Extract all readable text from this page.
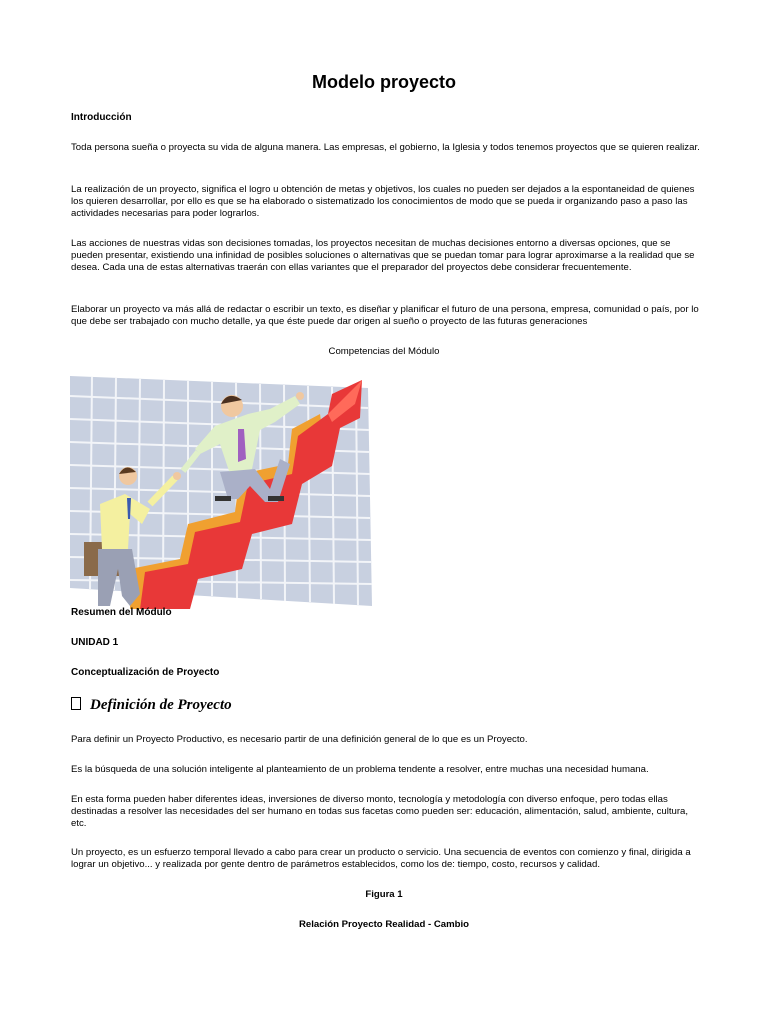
Modelo proyecto
Introducción

Toda persona sueña o proyecta su vida de alguna manera. Las empresas, el gobierno, la Iglesia y todos tenemos proyectos que se quieren realizar.

La realización de un proyecto, significa el logro u obtención de metas y objetivos, los cuales no pueden ser dejados a la espontaneidad de quienes los quieren desarrollar, por ello es que se ha elaborado o sistematizado los conocimientos de modo que se pueda ir organizando paso a paso las actividades necesarias para poder lograrlos.

Las acciones de nuestras vidas son decisiones tomadas, los proyectos necesitan de muchas decisiones entorno a diversas opciones, que se pueden presentar, existiendo una infinidad de posibles soluciones o alternativas que se puedan tomar para lograr aproximarse a la realidad que se desea. Cada una de estas alternativas traerán con ellas variantes que el preparador del proyectos debe considerar frecuentemente.

Elaborar un proyecto va más allá de redactar o escribir un texto, es diseñar y planificar el futuro de una persona, empresa, comunidad o país, por lo que debe ser trabajado con mucho detalle, ya que éste puede dar origen al sueño o proyecto de las futuras generaciones

Competencias del Módulo
Resumen del Módulo
UNIDAD 1
Conceptualización de Proyecto
Definición de Proyecto

Para definir un Proyecto Productivo, es necesario partir de una definición general de lo que es un Proyecto.

Es la búsqueda de una solución inteligente al planteamiento de un problema tendente a resolver, entre muchas una necesidad humana.

En esta forma pueden haber diferentes ideas, inversiones de diverso monto, tecnología y metodología con diverso enfoque, pero todas ellas destinadas a resolver las necesidades del ser humano en todas sus facetas como pueden ser: educación, alimentación, salud, ambiente, cultura, etc.

Un proyecto, es un esfuerzo temporal llevado a cabo para crear un producto o servicio. Una secuencia de eventos con comienzo y final, dirigida a lograr un objetivo... y realizada por gente dentro de parámetros establecidos, como los de: tiempo, costo, recursos y calidad.

Figura 1
Relación Proyecto Realidad - Cambio
